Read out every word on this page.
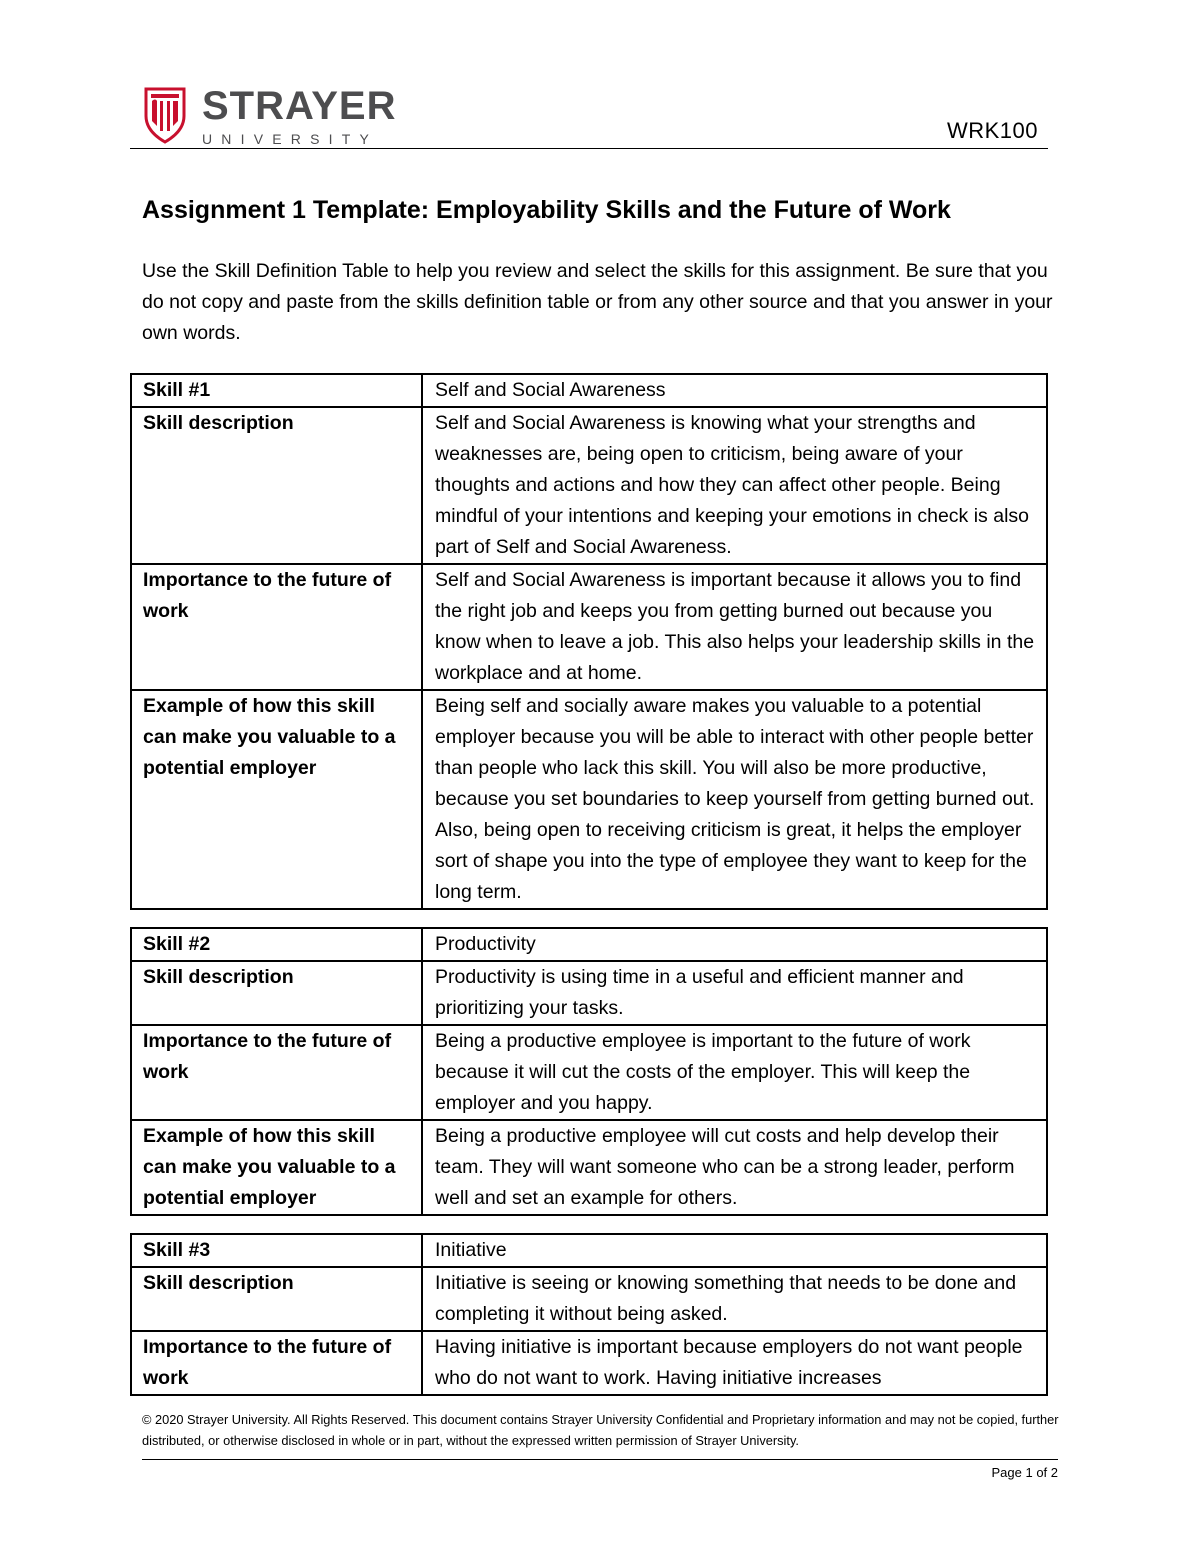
STRAYER
UNIVERSITY	WRK100
Assignment 1 Template: Employability Skills and the Future of Work

Use the Skill Definition Table to help you review and select the skills for this assignment. Be sure that you do not copy and paste from the skills definition table or from any other source and that you answer in your own words.

Skill #1	Self and Social Awareness
Skill description	Self and Social Awareness is knowing what your strengths and weaknesses are, being open to criticism, being aware of your thoughts and actions and how they can affect other people. Being mindful of your intentions and keeping your emotions in check is also part of Self and Social Awareness.
Importance to the future of work	Self and Social Awareness is important because it allows you to find the right job and keeps you from getting burned out because you know when to leave a job. This also helps your leadership skills in the workplace and at home.
Example of how this skill can make you valuable to a potential employer	Being self and socially aware makes you valuable to a potential employer because you will be able to interact with other people better than people who lack this skill. You will also be more productive, because you set boundaries to keep yourself from getting burned out. Also, being open to receiving criticism is great, it helps the employer sort of shape you into the type of employee they want to keep for the long term.
Skill #2	Productivity
Skill description	Productivity is using time in a useful and efficient manner and prioritizing your tasks.
Importance to the future of work	Being a productive employee is important to the future of work because it will cut the costs of the employer. This will keep the employer and you happy.
Example of how this skill can make you valuable to a potential employer	Being a productive employee will cut costs and help develop their team. They will want someone who can be a strong leader, perform well and set an example for others.
Skill #3	Initiative
Skill description	Initiative is seeing or knowing something that needs to be done and completing it without being asked.
Importance to the future of work	Having initiative is important because employers do not want people who do not want to work. Having initiative increases
© 2020 Strayer University. All Rights Reserved. This document contains Strayer University Confidential and Proprietary information and may not be copied, further distributed, or otherwise disclosed in whole or in part, without the expressed written permission of Strayer University.
Page 1 of 2
